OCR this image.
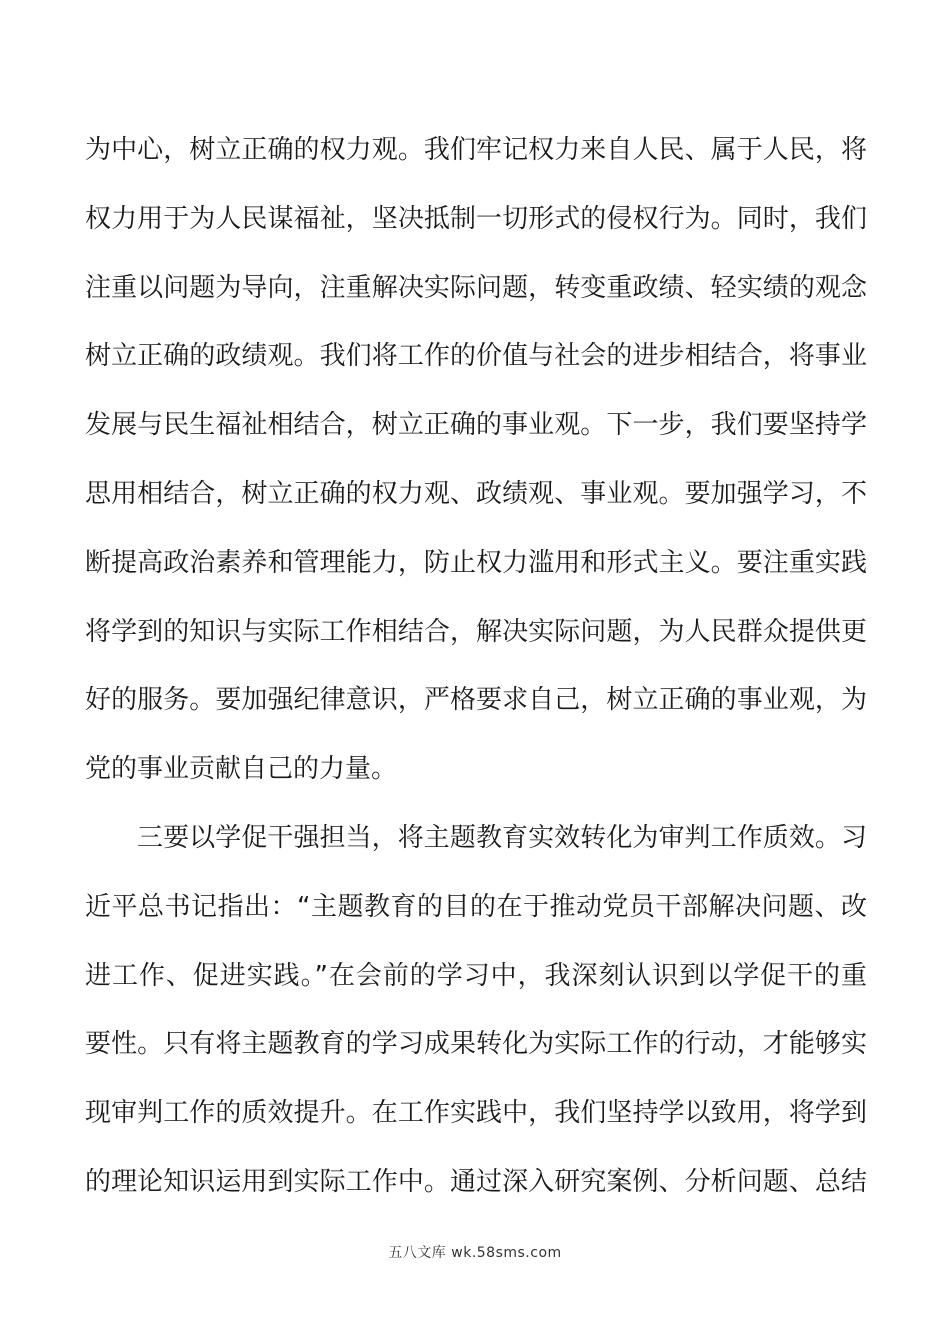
为中心，树立正确的权力观。我们牢记权力来自人民、属于人民，将
权力用于为人民谋福祉，坚决抵制一切形式的侵权行为。同时，我们
注重以问题为导向，注重解决实际问题，转变重政绩、轻实绩的观念
树立正确的政绩观。我们将工作的价值与社会的进步相结合，将事业
发展与民生福祉相结合，树立正确的事业观。下一步，我们要坚持学
思用相结合，树立正确的权力观、政绩观、事业观。要加强学习，不
断提高政治素养和管理能力，防止权力滥用和形式主义。要注重实践
将学到的知识与实际工作相结合，解决实际问题，为人民群众提供更
好的服务。要加强纪律意识，严格要求自己，树立正确的事业观，为
党的事业贡献自己的力量。
三要以学促干强担当，将主题教育实效转化为审判工作质效。习
近平总书记指出：“主题教育的目的在于推动党员干部解决问题、改
进工作、促进实践。”在会前的学习中，我深刻认识到以学促干的重
要性。只有将主题教育的学习成果转化为实际工作的行动，才能够实
现审判工作的质效提升。在工作实践中，我们坚持学以致用，将学到
的理论知识运用到实际工作中。通过深入研究案例、分析问题、总结
五八文库 wk.58sms.com
